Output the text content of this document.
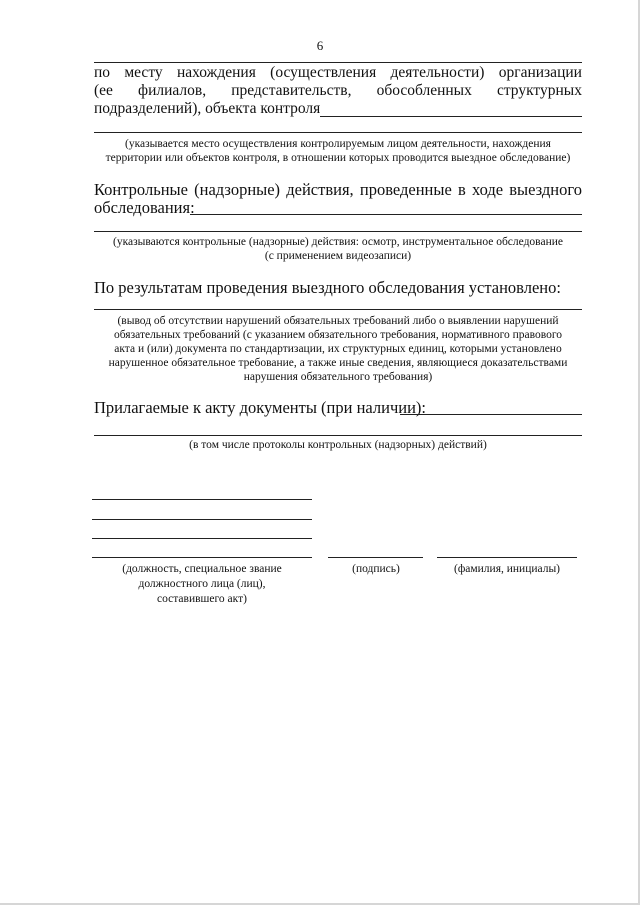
6
по месту нахождения (осуществления деятельности) организации
(ее филиалов, представительств, обособленных структурных
подразделений), объекта контроля
(указывается место осуществления контролируемым лицом деятельности, нахождения
территории или объектов контроля, в отношении которых проводится выездное обследование)
Контрольные (надзорные) действия, проведенные в ходе выездного
обследования:
(указываются контрольные (надзорные) действия: осмотр, инструментальное обследование
(с применением видеозаписи)
По результатам проведения выездного обследования установлено:
(вывод об отсутствии нарушений обязательных требований либо о выявлении нарушений
обязательных требований (с указанием обязательного требования, нормативного правового
акта и (или) документа по стандартизации, их структурных единиц, которыми установлено
нарушенное обязательное требование, а также иные сведения, являющиеся доказательствами
нарушения обязательного требования)
Прилагаемые к акту документы (при наличии):
(в том числе протоколы контрольных (надзорных) действий)
(должность, специальное звание
должностного лица (лиц),
составившего акт)
(подпись)	(фамилия, инициалы)
